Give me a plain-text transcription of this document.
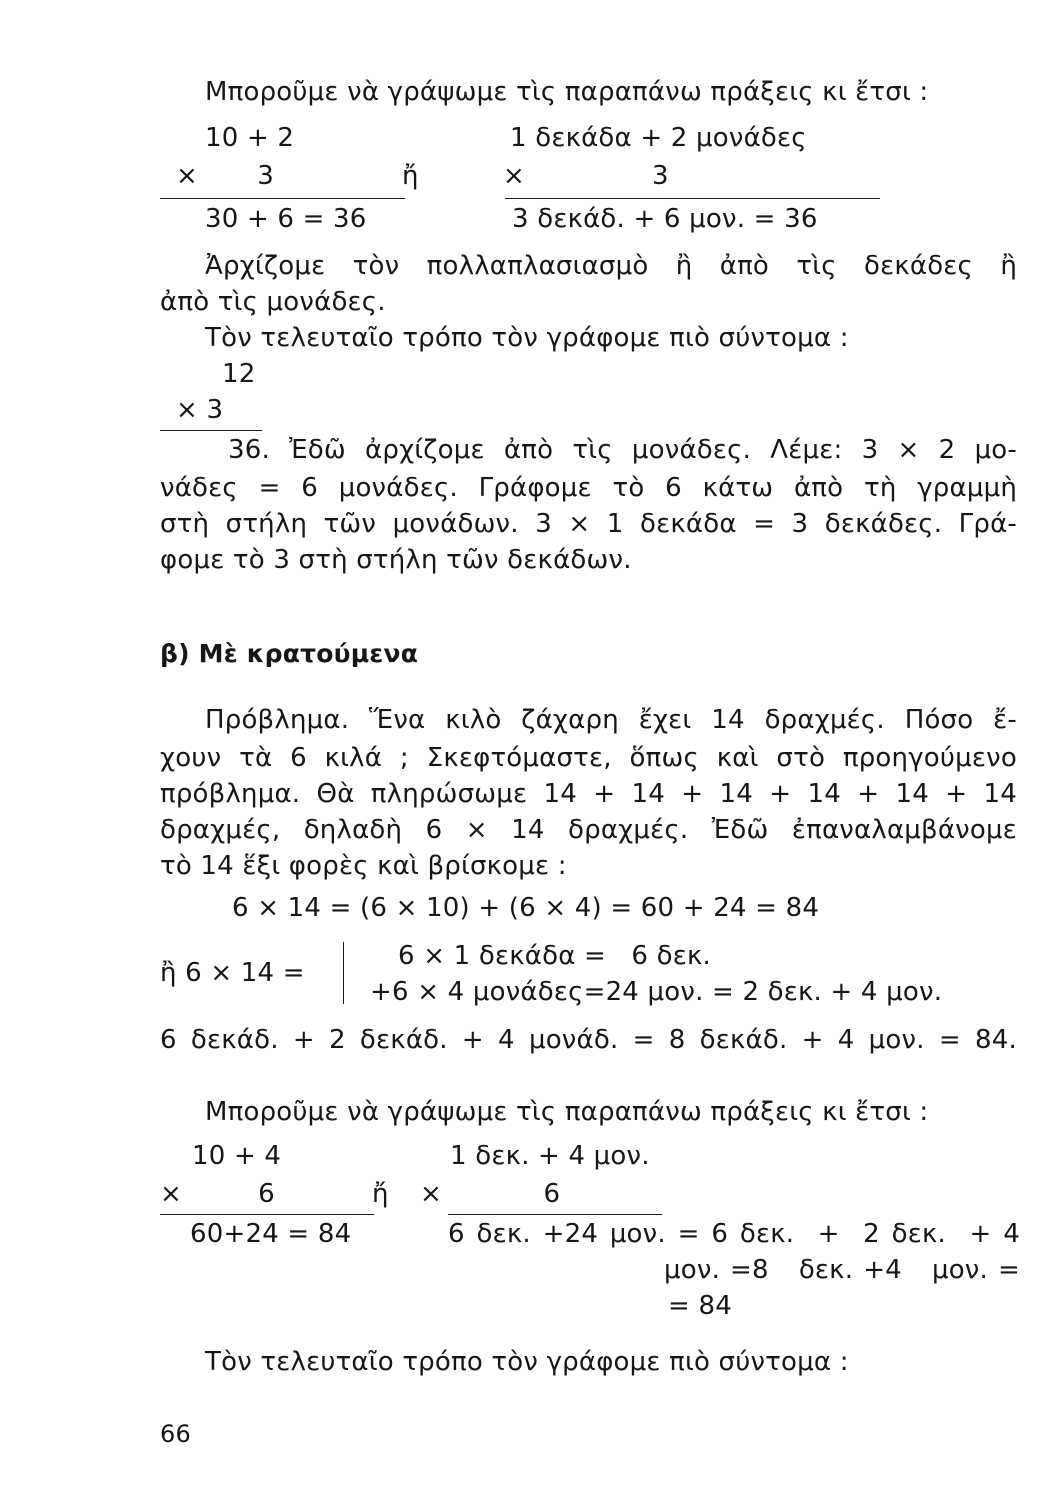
Μποροῦμε νὰ γράψωμε τὶς παραπάνω πράξεις κι ἔτσι :
10 + 2	1 δεκάδα + 2 μονάδες
×       3	ἤ	×               3
30 + 6 = 36	3 δεκάδ. + 6 μον. = 36
Ἀρχίζομε τὸν πολλαπλασιασμὸ ἢ ἀπὸ τὶς δεκάδες ἢ
ἀπὸ τὶς μονάδες.
Τὸν τελευταῖο τρόπο τὸν γράφομε πιὸ σύντομα :
12
× 3
36. Ἐδῶ ἀρχίζομε ἀπὸ τὶς μονάδες. Λέμε: 3 × 2 μο-
νάδες = 6 μονάδες. Γράφομε τὸ 6 κάτω ἀπὸ τὴ γραμμὴ
στὴ στήλη τῶν μονάδων. 3 × 1 δεκάδα = 3 δεκάδες. Γρά-
φομε τὸ 3 στὴ στήλη τῶν δεκάδων.
β) Μὲ κρατούμενα
Πρόβλημα. Ἕνα κιλὸ ζάχαρη ἔχει 14 δραχμές. Πόσο ἔ-
χουν τὰ 6 κιλά ; Σκεφτόμαστε, ὅπως καὶ στὸ προηγούμενο
πρόβλημα. Θὰ πληρώσωμε 14 + 14 + 14 + 14 + 14 + 14
δραχμές, δηλαδὴ 6 × 14 δραχμές. Ἐδῶ ἐπαναλαμβάνομε
τὸ 14 ἕξι φορὲς καὶ βρίσκομε :
6 × 14 = (6 × 10) + (6 × 4) = 60 + 24 = 84
ἢ 6 × 14 =
6 × 1 δεκάδα =   6 δεκ.
+6 × 4 μονάδες=24 μον. = 2 δεκ. + 4 μον.
6 δεκάδ. + 2 δεκάδ. + 4 μονάδ. = 8 δεκάδ. + 4 μον. = 84.
Μποροῦμε νὰ γράψωμε τὶς παραπάνω πράξεις κι ἔτσι :
10 + 4	1 δεκ. + 4 μον.
×         6	ἤ ×            6
60+24 = 84	6 δεκ. +24 μον. = 6 δεκ.  +  2 δεκ.  + 4
μον. =8   δεκ. +4   μον. =
= 84
Τὸν τελευταῖο τρόπο τὸν γράφομε πιὸ σύντομα :
66
